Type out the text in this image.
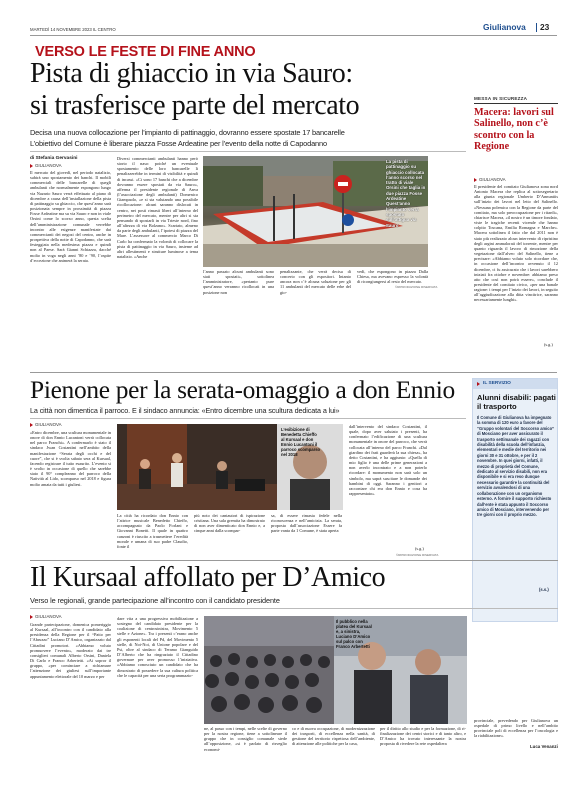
MARTEDÌ 14 NOVEMBRE 2023 IL CENTRO	Giulianova 23
VERSO LE FESTE DI FINE ANNO
Pista di ghiaccio in via Sauro:
si trasferisce parte del mercato
Decisa una nuova collocazione per l’impianto di pattinaggio, dovranno essere spostate 17 bancarelle
L’obiettivo del Comune è liberare piazza Fosse Ardeatine per l’evento della notte di Capodanno
di Stefania Gervasini
GIULIANOVA
Il mercato del giovedì, nel periodo natalizio, subirà uno spostamento dei banchi. Il mobili commerciali delle bancarelle di quegli ambulanti che normalmente espongono lungo via Nazario Sauro verrà effettuato al piano di dicembre a causa dell’installazione della pista di pattinaggio su ghiaccio, che quest’anno sarà posizionata sempre in prossimità di piazza Fosse Ardeatine ma su via Sauro e non in viale Orsini come lo scorso anno, questa scelta dell’amministrazione comunale verrebbe incontro alle esigenze manifestate dai commercianti dei negozi del centro, anche in prospettiva della notte di Capodanno, che sarà festeggiata nella medesima piazza e quindi non al Paese. Sarà Gianni Schiazza, dacché molto in voga negli anni ’80 e ’90, l’ospite d’eccezione che animerà la serata.
Diversi commercianti ambulanti hanno però storto il naso: poiché un eventuale spostamento delle loro bancarelle li penalizzerebbe in termini di visibilità e quindi di incassi. «Ci sono 17 banchi che a dicembre dovranno essere spostati da via Sauro», afferma il presidente regionale di Anva (l’associazione degli ambulanti) Domenico Giampaolo, «e si sta valutando una possibile ricollocazione: alcuni saranno dislocati in centro, nei posti rimasti liberi all’interno del perimetro del mercato, mentre per altri si sta pensando di spostarli in via Trieste nord, fino all’altezza di via Bolzano». Scartato, almeno da parte degli ambulanti, l’ipotesi di piazza del Mare. L’assessore al commercio Marco Di Carlo ha confermato la volontà di collocare la pista di pattinaggio in via Sauro, insieme ad altri allestimenti e strutture luminose a tema natalizio. «Anche
La pista di pattinaggio su ghiaccio collocata l’anno scorso nel tratto di viale Orsini che taglia in due piazza Fosse Ardeatine Quest’anno l’impianto verrà spostato sull’attigua via Sauro
l’anno passato alcuni ambulanti sono stati spostati», sottolinea l’amministratore, «pertanto pure quest’anno verranno ricollocati in una posizione non
penalizzante, che verrà decisa di concerto con gli espositori. Intanto ancora non c’è alcuna soluzione per gli 11 ambulanti del mercato delle erbe del gio-
vedì, che espongono in piazza Dalla Chiesa, ma avevano espresso la volontà di ricongiungersi al resto del mercato.
©RIPRODUZIONE RISERVATA
MESSA IN SICUREZZA
Macera: lavori sul Salinello, non c’è scontro con la Regione
GIULIANOVA
Il presidente del comitato Giulianova zona nord Antonio Macera che replica al sottosegretario alla giunta regionale Umberto D’Annuntiis sull’inizio dei lavori nel letto del Salinello. «Nessuna polemica con la Regione da parte del comitato, ma solo preoccupazione per i ritardi», chiarisce Macera, «il nostro è un timore fondato, viste le tragiche recenti vicende che hanno colpito Toscana, Emilia Romagna e Marche». Macera sottolinea il fatto che dal 2011 non è stato più realizzato alcun intervento di ripristino degli argini ammalorati del torrente, mentre per quanto riguarda il lavoro di rimozione della vegetazione dall’alveo del Salinello, tiene a precisare: «Abbiamo voluto solo ricordare che, in occasione dell’incontro avvenuto il 12 dicembre, ci fu assicurato che i lavori sarebbero iniziati fra ottobre e novembre: abbiamo preso atto che così non potrà essere», conclude il presidente del comitato civico, «per una banale ragione: i tempi per l’inizio dei lavori, in seguito all’aggiudicazione alla ditta vincitrice, saranno necessariamente lunghi».
(s.g.)
IL SERVIZIO
Alunni disabili: pagati il trasporto
Il Comune di Giulianova ha impegnato la somma di 120 euro a favore del “Gruppo volontari del Soccorso amico” di Mosciano per aver assicurato il trasporto settimanale dei ragazzi con disabilità della scuola dell’infanzia, elementari e medie del territorio nei giorni 30 e 31 ottobre, e per il 2 novembre. In quei giorni, infatti, il mezzo di proprietà del Comune, dedicato al servizio disabili, non era disponibile e si era reso dunque necessario garantire la continuità del servizio avvalendosi di una collaborazione con un organismo esterno. A fornire il supporto richiesto dall’ente è stata appunto il Soccorso amico di Mosciano, intervenendo per tre giorni con il proprio mezzo.
(s.s.)
Pienone per la serata-omaggio a don Ennio
La città non dimentica il parroco. E il sindaco annuncia: «Entro dicembre una scultura dedicata a lui»
GIULIANOVA
«Entro dicembre, una scultura monumentale in onore di don Ennio Lucantoni verrà collocata nel parco Franchi». A confermarlo è stato il sindaco Jwan Costantini nell’ambito della manifestazione “Serata degli occhi e del cuore”, che si è svolta sabato sera al Kursaal, facendo registrare il tutto esaurito. L’evento si è svolto in occasione di quello che sarebbe stato il 90° compleanno del parroco della Natività al Lido, scomparso nel 2018 e figura molto amata da tutti i giuliesi.
L’esibizione di Benedetta Chieffo al Kursaal e don Ennio Lucantoni il parroco scomparso nel 2018
La città ha ricordato don Ennio con l’attrice musicale Benedetto Chieffo, accompagnato da Paolo Forlani e Giovanni Bonetti. Il quale in quattro canzoni è riuscito a trasmettere l’eredità morale e umana di suo padre Claudio, fonte il
più noto dei cantautori di ispirazione cristiana. Una sala gremita ha dimostrato di non aver dimenticato don Ennio e, a cinque anni dalla scompar-
sa, di essere rimasta fedele nella riconoscenza e nell’amicizia. La serata, proposta dall’associazione Essere fa parte vanta da 1 Comune, è stata aperta
dall’intervento del sindaco Costantini, il quale, dopo aver salutato i presenti, ha confermato l’edificazione di una scultura monumentale in onore del parroco, che verrà collocata all’interno del parco Franchi. «Dal giardino dei frati guarderà la sua chiesa», ha detto Costantini, e ha aggiunto: «Quella di mio figlio è una delle prime generazioni a non averlo incontrato e a non poterlo ricordare: il monumento non sarà solo un simbolo, ma saprà suscitare le domande dei bambini di oggi. Saranno i genitori a raccontare chi era don Ennio e cosa ha rappresentato».
(s.g.)
©RIPRODUZIONE RISERVATA
Il Kursaal affollato per D’Amico
Verso le regionali, grande partecipazione all’incontro con il candidato presidente
GIULIANOVA
Grande partecipazione, domenica pomeriggio al Kursaal, all’incontro con il candidato alla presidenza della Regione per il “Patto per l’Abruzzo” Luciano D’Amico, organizzato dal Cittadini promotori. «Abbiamo voluto promuovere l’evento», moderato dai tre consiglieri comunali Alberto Orsini, Daniela Di Carlo e Franco Arbertetti. «Ai sopror il gruppo, «per cominciare a richiamare l’attenzione dei giuliesi sull’importante appuntamento elettorale del 10 marzo e per
dare vita a una progressiva mobilitazione a sostegno del candidato presidente per la coalizione di centrosinistra, Movimento 5 stelle e Azione». Tra i presenti c’erano anche gli esponenti locali del Pd, del Movimento 5 stelle, di Noi-Noi, di Unione popolare e del Psi, oltre al sindaco di Teramo Gianguido D’Alberto che ha ringraziato il Cittadino governare per aver promosso l’iniziativa. «Abbiamo conosciuto un candidato che ha dimostrato di possedere la sua cultura politica che le capacità per una seria programmazio-
Il pubblico nella platea del Kursaal e, a sinistra, Luciano D’Amico sul palco con Franco Arbertetti
ne, al passo con i tempi, nelle scelte di governo per la nostra regione, tiene a sottolineare il gruppo che in consiglio comunale siede all’opposizione, «si è parlato di risveglio economi-
co e di nuova occupazione, di modernizzazione dei trasporti, di eccellenza nella sanità, di gestione del territorio rispettosa dell’ambiente, di attenzione alle politiche per la casa,
per il diritto allo studio e per la formazione, di ri-finalizzazione dei centri storici e di tanto altro, e D’Amico ha trovato interessante la nostra proposta di rivedere la rete ospedaliera
provinciale, prevedendo per Giulianova un ospedale di primo livello e nell’ambito provinciale poli di eccellenza per l’oncologia e la riabilitazione».
Luca Venanzi
